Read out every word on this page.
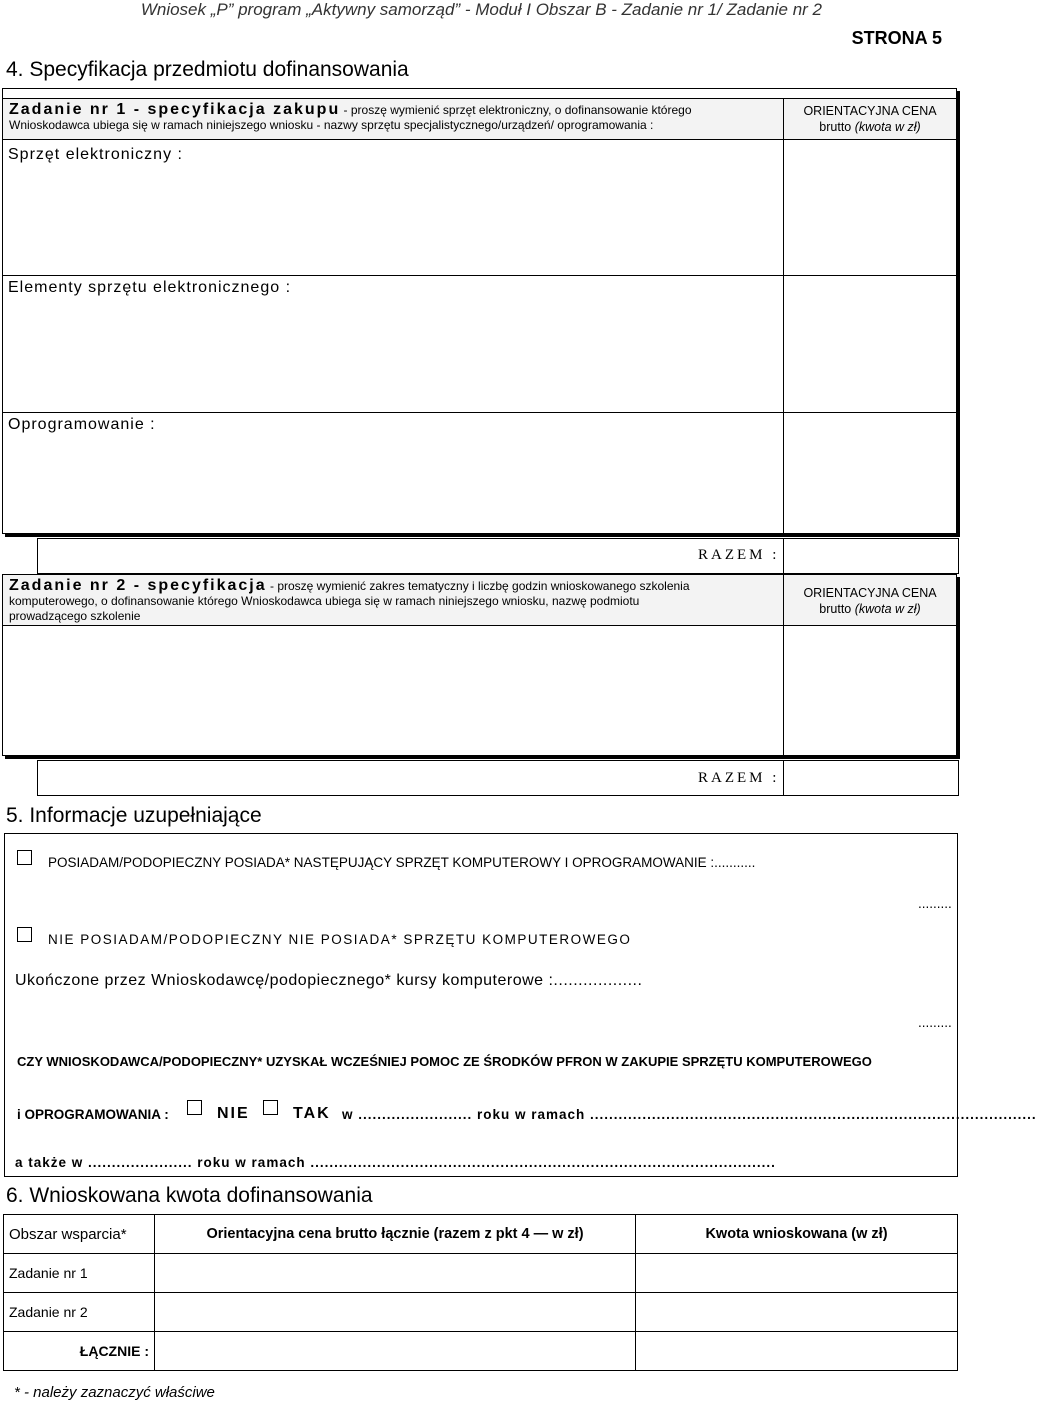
Wniosek „P” program „Aktywny samorząd” - Moduł I Obszar B - Zadanie nr 1/ Zadanie nr 2
STRONA 5
4. Specyfikacja przedmiotu dofinansowania
Zadanie nr 1 - specyfikacja zakupu - proszę wymienić sprzęt elektroniczny, o dofinansowanie którego
Wnioskodawca ubiega się w ramach niniejszego wniosku - nazwy sprzętu specjalistycznego/urządzeń/ oprogramowania :
ORIENTACYJNA CENA
brutto (kwota w zł)
Sprzęt elektroniczny :
Elementy sprzętu elektronicznego :
Oprogramowanie :
RAZEM :
Zadanie nr 2 - specyfikacja - proszę wymienić zakres tematyczny i liczbę godzin wnioskowanego szkolenia
komputerowego, o dofinansowanie którego Wnioskodawca ubiega się w ramach niniejszego wniosku, nazwę podmiotu
prowadzącego szkolenie
ORIENTACYJNA CENA
brutto (kwota w zł)
RAZEM :
5. Informacje uzupełniające
POSIADAM/PODOPIECZNY POSIADA* NASTĘPUJĄCY SPRZĘT KOMPUTEROWY I OPROGRAMOWANIE :...........
.........
NIE POSIADAM/PODOPIECZNY NIE POSIADA* SPRZĘTU KOMPUTEROWEGO
Ukończone przez Wnioskodawcę/podopiecznego* kursy komputerowe :..................
.........
CZY WNIOSKODAWCA/PODOPIECZNY* UZYSKAŁ WCZEŚNIEJ POMOC ZE ŚRODKÓW PFRON W ZAKUPIE SPRZĘTU KOMPUTEROWEGO
i OPROGRAMOWANIA :	NIE	TAK w ........................ roku w ramach ..............................................................................................
a także w ...................... roku w ramach ..................................................................................................
6. Wnioskowana kwota dofinansowania
Obszar wsparcia*	Orientacyjna cena brutto łącznie (razem z pkt 4 — w zł)	Kwota wnioskowana (w zł)
Zadanie nr 1		
Zadanie nr 2		
ŁĄCZNIE :		
* - należy zaznaczyć właściwe
